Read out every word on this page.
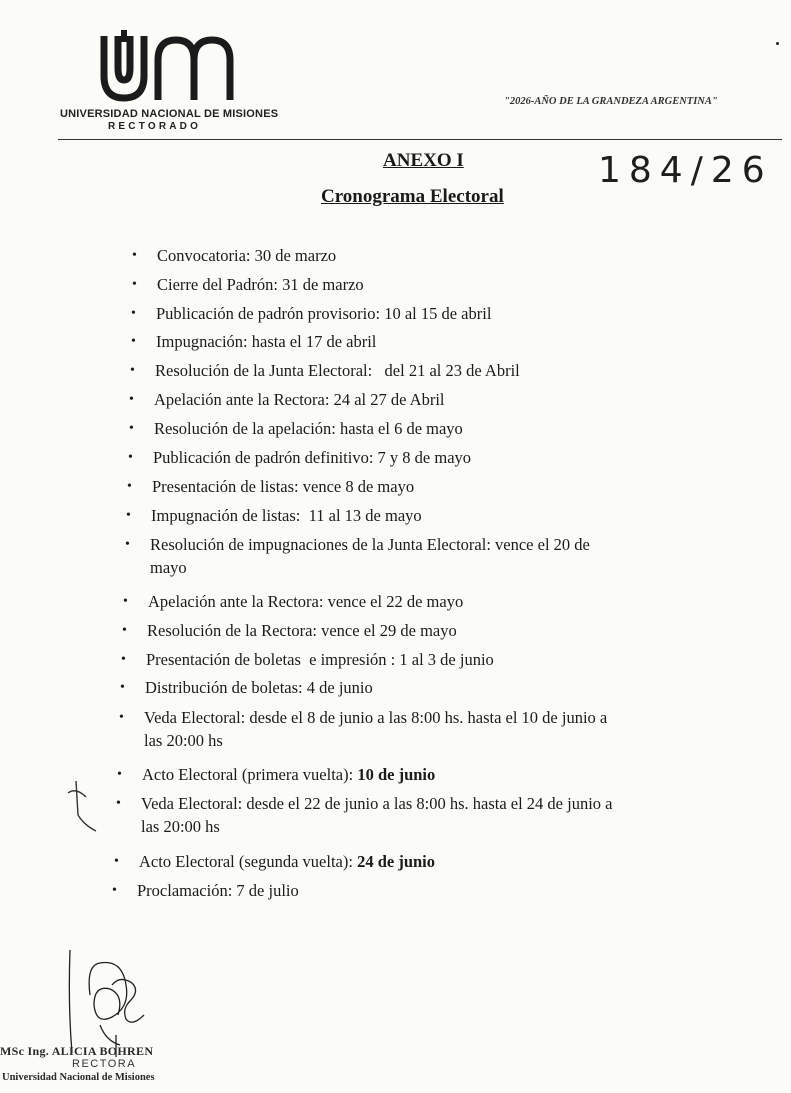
UNIVERSIDAD NACIONAL DE MISIONES
RECTORADO
"2026-AÑO DE LA GRANDEZA ARGENTINA"
ANEXO I
Cronograma Electoral
184/26
• Convocatoria: 30 de marzo
• Cierre del Padrón: 31 de marzo
• Publicación de padrón provisorio: 10 al 15 de abril
• Impugnación: hasta el 17 de abril
• Resolución de la Junta Electoral:   del 21 al 23 de Abril
• Apelación ante la Rectora: 24 al 27 de Abril
• Resolución de la apelación: hasta el 6 de mayo
• Publicación de padrón definitivo: 7 y 8 de mayo
• Presentación de listas: vence 8 de mayo
• Impugnación de listas:  11 al 13 de mayo
• Resolución de impugnaciones de la Junta Electoral: vence el 20 de
mayo
• Apelación ante la Rectora: vence el 22 de mayo
• Resolución de la Rectora: vence el 29 de mayo
• Presentación de boletas  e impresión : 1 al 3 de junio
• Distribución de boletas: 4 de junio
• Veda Electoral: desde el 8 de junio a las 8:00 hs. hasta el 10 de junio a
las 20:00 hs
• Acto Electoral (primera vuelta): 10 de junio
• Veda Electoral: desde el 22 de junio a las 8:00 hs. hasta el 24 de junio a
las 20:00 hs
• Acto Electoral (segunda vuelta): 24 de junio
• Proclamación: 7 de julio
MSc Ing. ALICIA BOHREN
RECTORA
Universidad Nacional de Misiones
